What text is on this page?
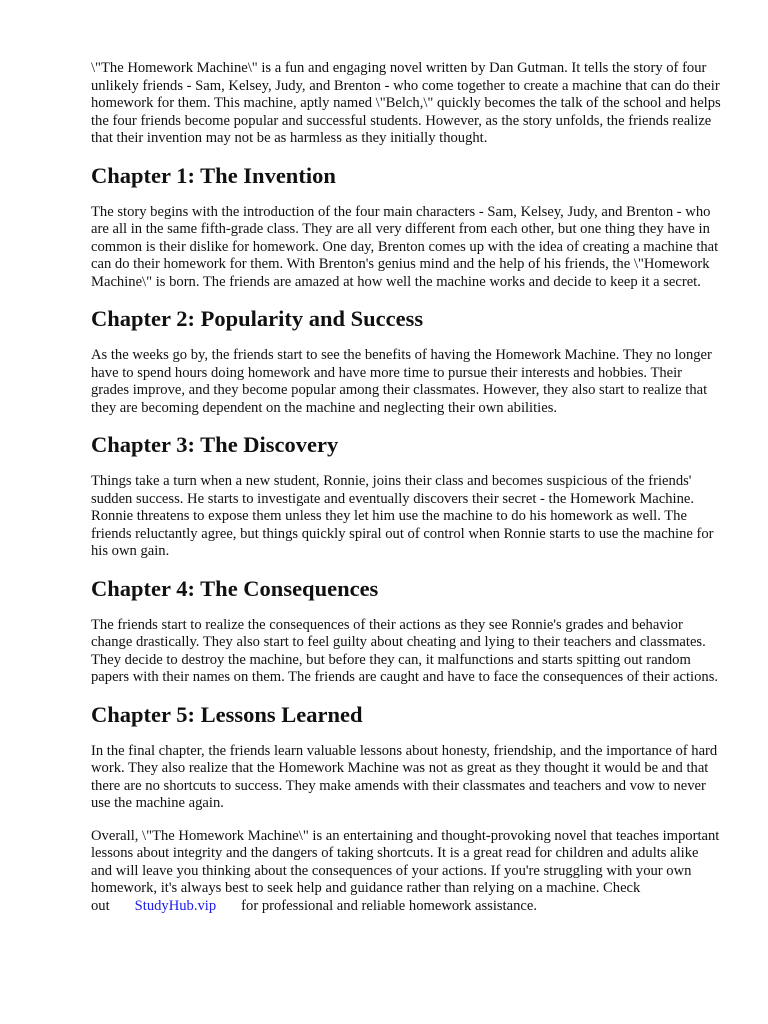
\"The Homework Machine\" is a fun and engaging novel written by Dan Gutman. It tells the story of four unlikely friends - Sam, Kelsey, Judy, and Brenton - who come together to create a machine that can do their homework for them. This machine, aptly named \"Belch,\" quickly becomes the talk of the school and helps the four friends become popular and successful students. However, as the story unfolds, the friends realize that their invention may not be as harmless as they initially thought.

Chapter 1: The Invention

The story begins with the introduction of the four main characters - Sam, Kelsey, Judy, and Brenton - who are all in the same fifth-grade class. They are all very different from each other, but one thing they have in common is their dislike for homework. One day, Brenton comes up with the idea of creating a machine that can do their homework for them. With Brenton's genius mind and the help of his friends, the \"Homework Machine\" is born. The friends are amazed at how well the machine works and decide to keep it a secret.

Chapter 2: Popularity and Success

As the weeks go by, the friends start to see the benefits of having the Homework Machine. They no longer have to spend hours doing homework and have more time to pursue their interests and hobbies. Their grades improve, and they become popular among their classmates. However, they also start to realize that they are becoming dependent on the machine and neglecting their own abilities.

Chapter 3: The Discovery

Things take a turn when a new student, Ronnie, joins their class and becomes suspicious of the friends' sudden success. He starts to investigate and eventually discovers their secret - the Homework Machine. Ronnie threatens to expose them unless they let him use the machine to do his homework as well. The friends reluctantly agree, but things quickly spiral out of control when Ronnie starts to use the machine for his own gain.

Chapter 4: The Consequences

The friends start to realize the consequences of their actions as they see Ronnie's grades and behavior change drastically. They also start to feel guilty about cheating and lying to their teachers and classmates. They decide to destroy the machine, but before they can, it malfunctions and starts spitting out random papers with their names on them. The friends are caught and have to face the consequences of their actions.

Chapter 5: Lessons Learned

In the final chapter, the friends learn valuable lessons about honesty, friendship, and the importance of hard work. They also realize that the Homework Machine was not as great as they thought it would be and that there are no shortcuts to success. They make amends with their classmates and teachers and vow to never use the machine again.

Overall, \"The Homework Machine\" is an entertaining and thought-provoking novel that teaches important lessons about integrity and the dangers of taking shortcuts. It is a great read for children and adults alike and will leave you thinking about the consequences of your actions. If you're struggling with your own homework, it's always best to seek help and guidance rather than relying on a machine. Check out StudyHub.vip for professional and reliable homework assistance.
